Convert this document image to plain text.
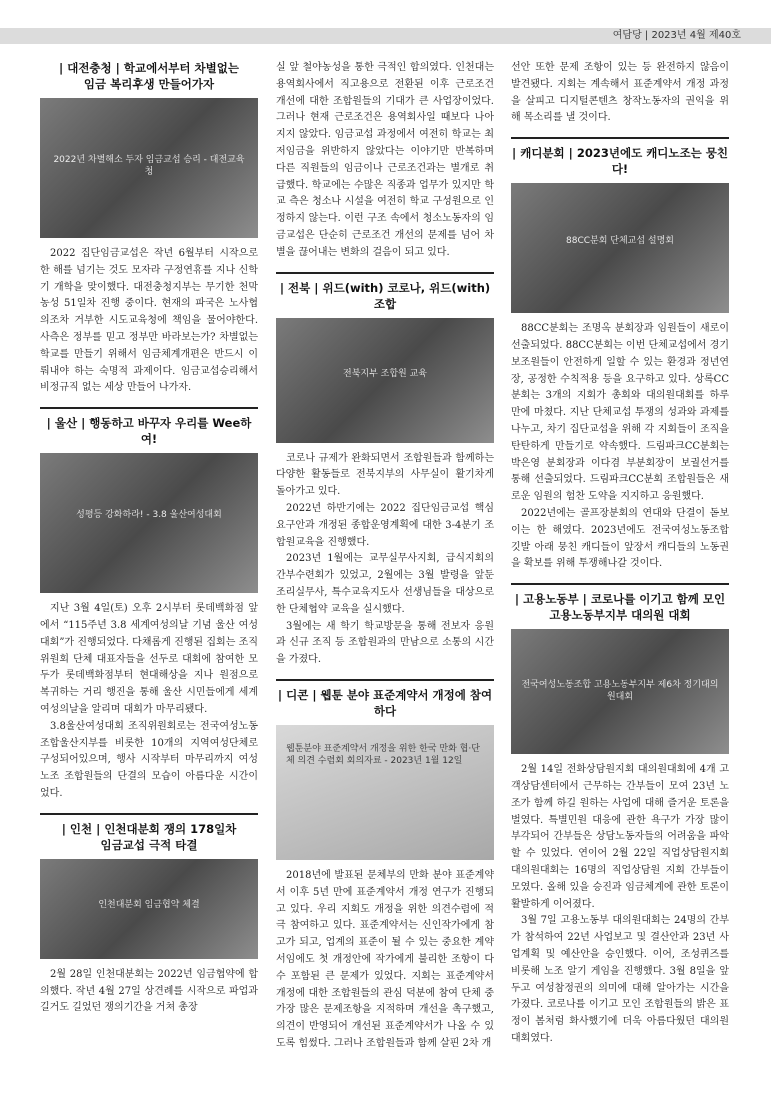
여담당 | 2023년 4월 제40호
| 대전충청 | 학교에서부터 차별없는
임금 복리후생 만들어가자
2022년 차별해소 두자 임금교섭 승리 - 대전교육청

2022 집단임금교섭은 작년 6월부터 시작으로 한 해를 넘기는 것도 모자라 구정연휴를 지나 신학기 개학을 맞이했다. 대전충청지부는 무기한 천막 농성 51일차 진행 중이다. 현재의 파국은 노사협의조차 거부한 시도교육청에 책임을 물어야한다. 사측은 정부를 믿고 정부만 바라보는가? 차별없는 학교를 만들기 위해서 임금체계개편은 반드시 이뤄내야 하는 숙명적 과제이다. 임금교섭승리해서 비정규직 없는 세상 만들어 나가자.

| 울산 | 행동하고 바꾸자 우리를 Wee하여!
성평등 강화하라! - 3.8 울산여성대회

지난 3월 4일(토) 오후 2시부터 롯데백화점 앞에서 “115주년 3.8 세계여성의날 기념 울산 여성대회”가 진행되었다. 다채롭게 진행된 집회는 조직위원회 단체 대표자들을 선두로 대회에 참여한 모두가 롯데백화점부터 현대해상을 지나 원점으로 복귀하는 거리 행진을 통해 울산 시민들에게 세계여성의날을 알리며 대회가 마무리됐다.

3.8울산여성대회 조직위원회로는 전국여성노동조합울산지부를 비롯한 10개의 지역여성단체로 구성되어있으며, 행사 시작부터 마무리까지 여성노조 조합원들의 단결의 모습이 아름다운 시간이었다.

| 인천 | 인천대분회 쟁의 178일차
임금교섭 극적 타결
인천대분회 임금협약 체결

2월 28일 인천대분회는 2022년 임금협약에 합의했다. 작년 4월 27일 상견례를 시작으로 파업과 길거도 길었던 쟁의기간을 거쳐 총장

실 앞 철야농성을 통한 극적인 합의였다. 인천대는 용역회사에서 직고용으로 전환된 이후 근로조건 개선에 대한 조합원들의 기대가 큰 사업장이었다. 그러나 현재 근로조건은 용역회사일 때보다 나아지지 않았다. 임금교섭 과정에서 여전히 학교는 최저임금을 위반하지 않았다는 이야기만 반복하며 다른 직원들의 임금이나 근로조건과는 별개로 취급했다. 학교에는 수많은 직종과 업무가 있지만 학교 측은 청소나 시설을 여전히 학교 구성원으로 인정하지 않는다. 이런 구조 속에서 청소노동자의 임금교섭은 단순히 근로조건 개선의 문제를 넘어 차별을 끊어내는 변화의 걸음이 되고 있다.

| 전북 | 위드(with) 코로나, 위드(with) 조합
전북지부 조합원 교육

코로나 규제가 완화되면서 조합원들과 함께하는 다양한 활동들로 전북지부의 사무실이 활기차게 돌아가고 있다.

2022년 하반기에는 2022 집단임금교섭 핵심요구안과 개정된 종합운영계획에 대한 3-4분기 조합원교육을 진행했다.

2023년 1월에는 교무실무사지회, 급식지회의 간부수련회가 있었고, 2월에는 3월 발령을 앞둔 조리실무사, 특수교육지도사 선생님들을 대상으로 한 단체협약 교육을 실시했다.

3월에는 새 학기 학교방문을 통해 전보자 응원과 신규 조직 등 조합원과의 만남으로 소통의 시간을 가졌다.

| 디콘 | 웹툰 분야 표준계약서 개정에 참여하다
웹툰분야 표준계약서 개정을 위한 한국 만화 협·단체 의견 수렴회 회의자료 - 2023년 1월 12일

2018년에 발표된 문체부의 만화 분야 표준계약서 이후 5년 만에 표준계약서 개정 연구가 진행되고 있다. 우리 지회도 개정을 위한 의견수렴에 적극 참여하고 있다. 표준계약서는 신인작가에게 참고가 되고, 업계의 표준이 될 수 있는 중요한 계약서임에도 첫 개정안에 작가에게 불리한 조항이 다수 포함된 큰 문제가 있었다. 지회는 표준계약서 개정에 대한 조합원들의 관심 덕분에 참여 단체 중 가장 많은 문제조항을 지적하며 개선을 촉구했고, 의견이 반영되어 개선된 표준계약서가 나올 수 있도록 힘썼다. 그러나 조합원들과 함께 살핀 2차 개

선안 또한 문제 조항이 있는 등 완전하지 않음이 발견됐다. 지회는 계속해서 표준계약서 개정 과정을 살피고 디지털콘텐츠 창작노동자의 권익을 위해 목소리를 낼 것이다.

| 캐디분회 | 2023년에도 캐디노조는 뭉친다!
88CC분회 단체교섭 설명회

88CC분회는 조명옥 분회장과 임원들이 새로이 선출되었다. 88CC분회는 이번 단체교섭에서 경기보조원들이 안전하게 일할 수 있는 환경과 정년연장, 공정한 수칙적용 등을 요구하고 있다. 상록CC분회는 3개의 지회가 총회와 대의원대회를 하루 만에 마쳤다. 지난 단체교섭 투쟁의 성과와 과제를 나누고, 차기 집단교섭을 위해 각 지회들이 조직을 탄탄하게 만들기로 약속했다. 드림파크CC분회는 박은영 분회장과 이다겸 부분회장이 보궐선거를 통해 선출되었다. 드림파크CC분회 조합원들은 새로운 임원의 험찬 도약을 지지하고 응원했다.

2022년에는 골프장분회의 연대와 단결이 돋보이는 한 해였다. 2023년에도 전국여성노동조합 깃발 아래 뭉친 캐디들이 앞장서 캐디들의 노동권을 확보를 위해 투쟁해나갈 것이다.

| 고용노동부 | 코로나를 이기고 함께 모인
고용노동부지부 대의원 대회
전국여성노동조합 고용노동부지부 제6차 정기대의원대회

2월 14일 전화상담원지회 대의원대회에 4개 고객상담센터에서 근무하는 간부들이 모여 23년 노조가 함께 하길 원하는 사업에 대해 즐거운 토론을 벌였다. 특별민원 대응에 관한 욕구가 가장 많이 부각되어 간부들은 상담노동자들의 어려움을 파악할 수 있었다. 연이어 2월 22일 직업상담원지회 대의원대회는 16명의 직업상담원 지회 간부들이 모였다. 올해 있을 승진과 임금체계에 관한 토론이 활발하게 이어졌다.

3월 7일 고용노동부 대의원대회는 24명의 간부가 참석하여 22년 사업보고 및 결산안과 23년 사업계획 및 예산안을 승인했다. 이어, 조성퀴즈를 비롯해 노조 알기 게임을 진행했다. 3월 8일을 앞두고 여성참정권의 의미에 대해 알아가는 시간을 가졌다. 코로나를 이기고 모인 조합원들의 밝은 표정이 봄처럼 화사했기에 더욱 아름다웠던 대의원 대회였다.
